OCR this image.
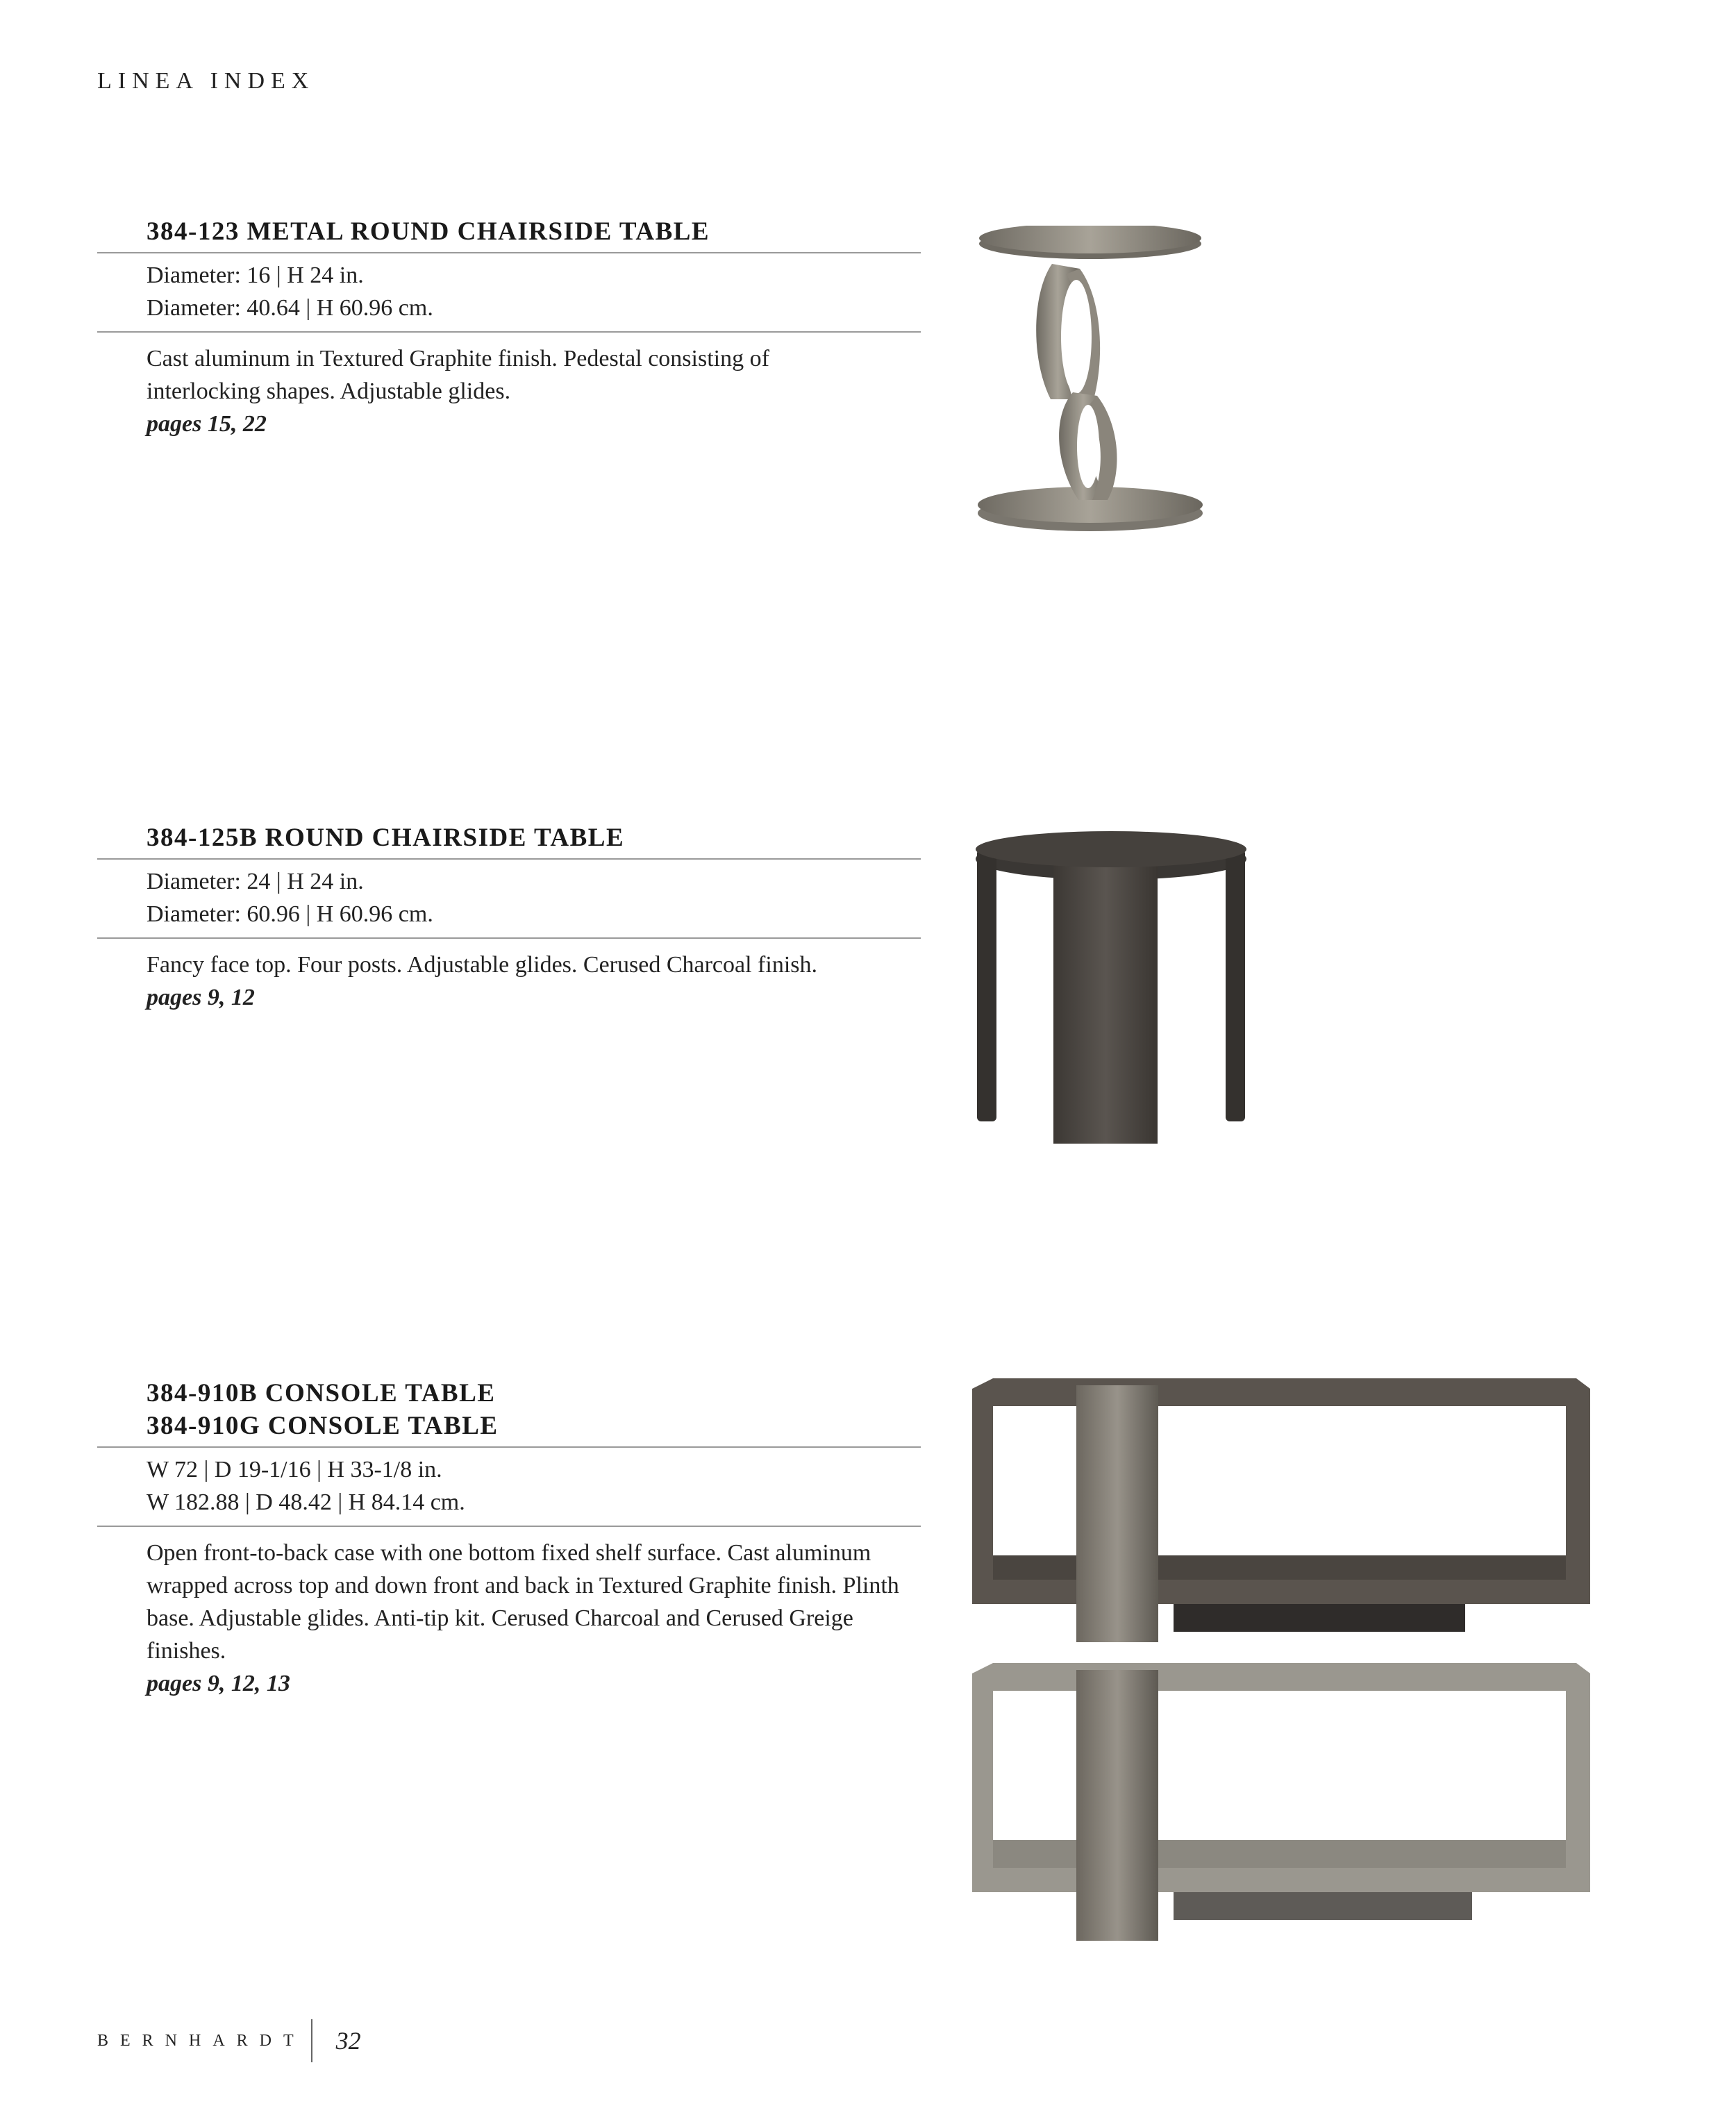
LINEA INDEX
384-123 METAL ROUND CHAIRSIDE TABLE
Diameter: 16 | H 24 in.
Diameter: 40.64 | H 60.96 cm.
Cast aluminum in Textured Graphite finish. Pedestal consisting of interlocking shapes. Adjustable glides.
pages 15, 22
384-125B ROUND CHAIRSIDE TABLE
Diameter: 24 | H 24 in.
Diameter: 60.96 | H 60.96 cm.
Fancy face top. Four posts. Adjustable glides. Cerused Charcoal finish.
pages 9, 12
384-910B CONSOLE TABLE
384-910G CONSOLE TABLE
W 72 | D 19-1/16 | H 33-1/8 in.
W 182.88 | D 48.42 | H 84.14 cm.
Open front-to-back case with one bottom fixed shelf surface. Cast aluminum wrapped across top and down front and back in Textured Graphite finish. Plinth base. Adjustable glides. Anti-tip kit. Cerused Charcoal and Cerused Greige finishes.
pages 9, 12, 13
BERNHARDT 32
